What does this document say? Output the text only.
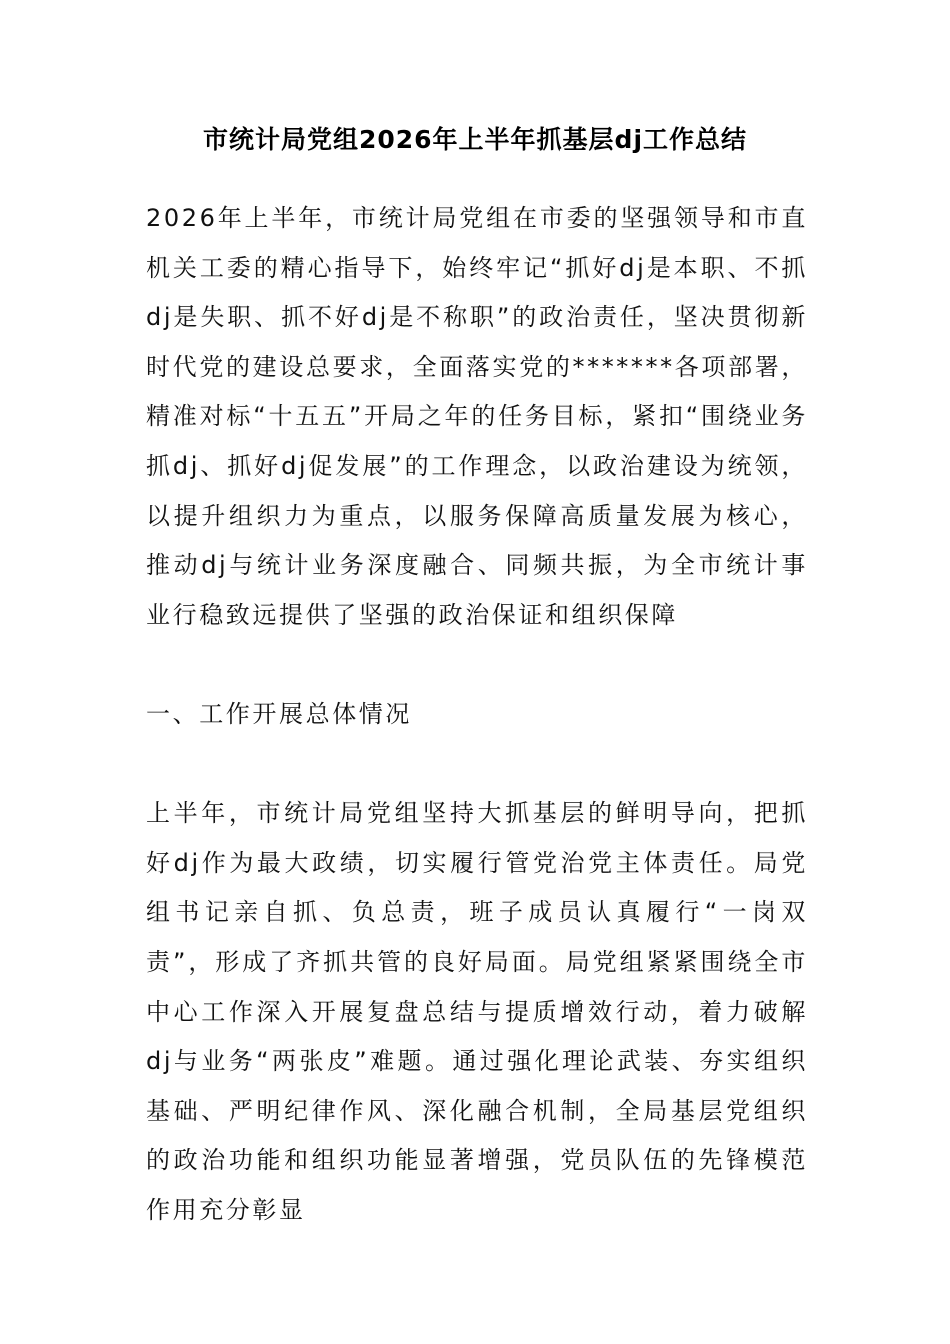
市统计局党组2026年上半年抓基层dj工作总结

2026年上半年，市统计局党组在市委的坚强领导和市直机关工委的精心指导下，始终牢记“抓好dj是本职、不抓dj是失职、抓不好dj是不称职”的政治责任，坚决贯彻新时代党的建设总要求，全面落实党的*******各项部署，精准对标“十五五”开局之年的任务目标，紧扣“围绕业务抓dj、抓好dj促发展”的工作理念，以政治建设为统领，以提升组织力为重点，以服务保障高质量发展为核心，推动dj与统计业务深度融合、同频共振，为全市统计事业行稳致远提供了坚强的政治保证和组织保障

一、工作开展总体情况

上半年，市统计局党组坚持大抓基层的鲜明导向，把抓好dj作为最大政绩，切实履行管党治党主体责任。局党组书记亲自抓、负总责，班子成员认真履行“一岗双责”，形成了齐抓共管的良好局面。局党组紧紧围绕全市中心工作深入开展复盘总结与提质增效行动，着力破解dj与业务“两张皮”难题。通过强化理论武装、夯实组织基础、严明纪律作风、深化融合机制，全局基层党组织的政治功能和组织功能显著增强，党员队伍的先锋模范作用充分彰显
